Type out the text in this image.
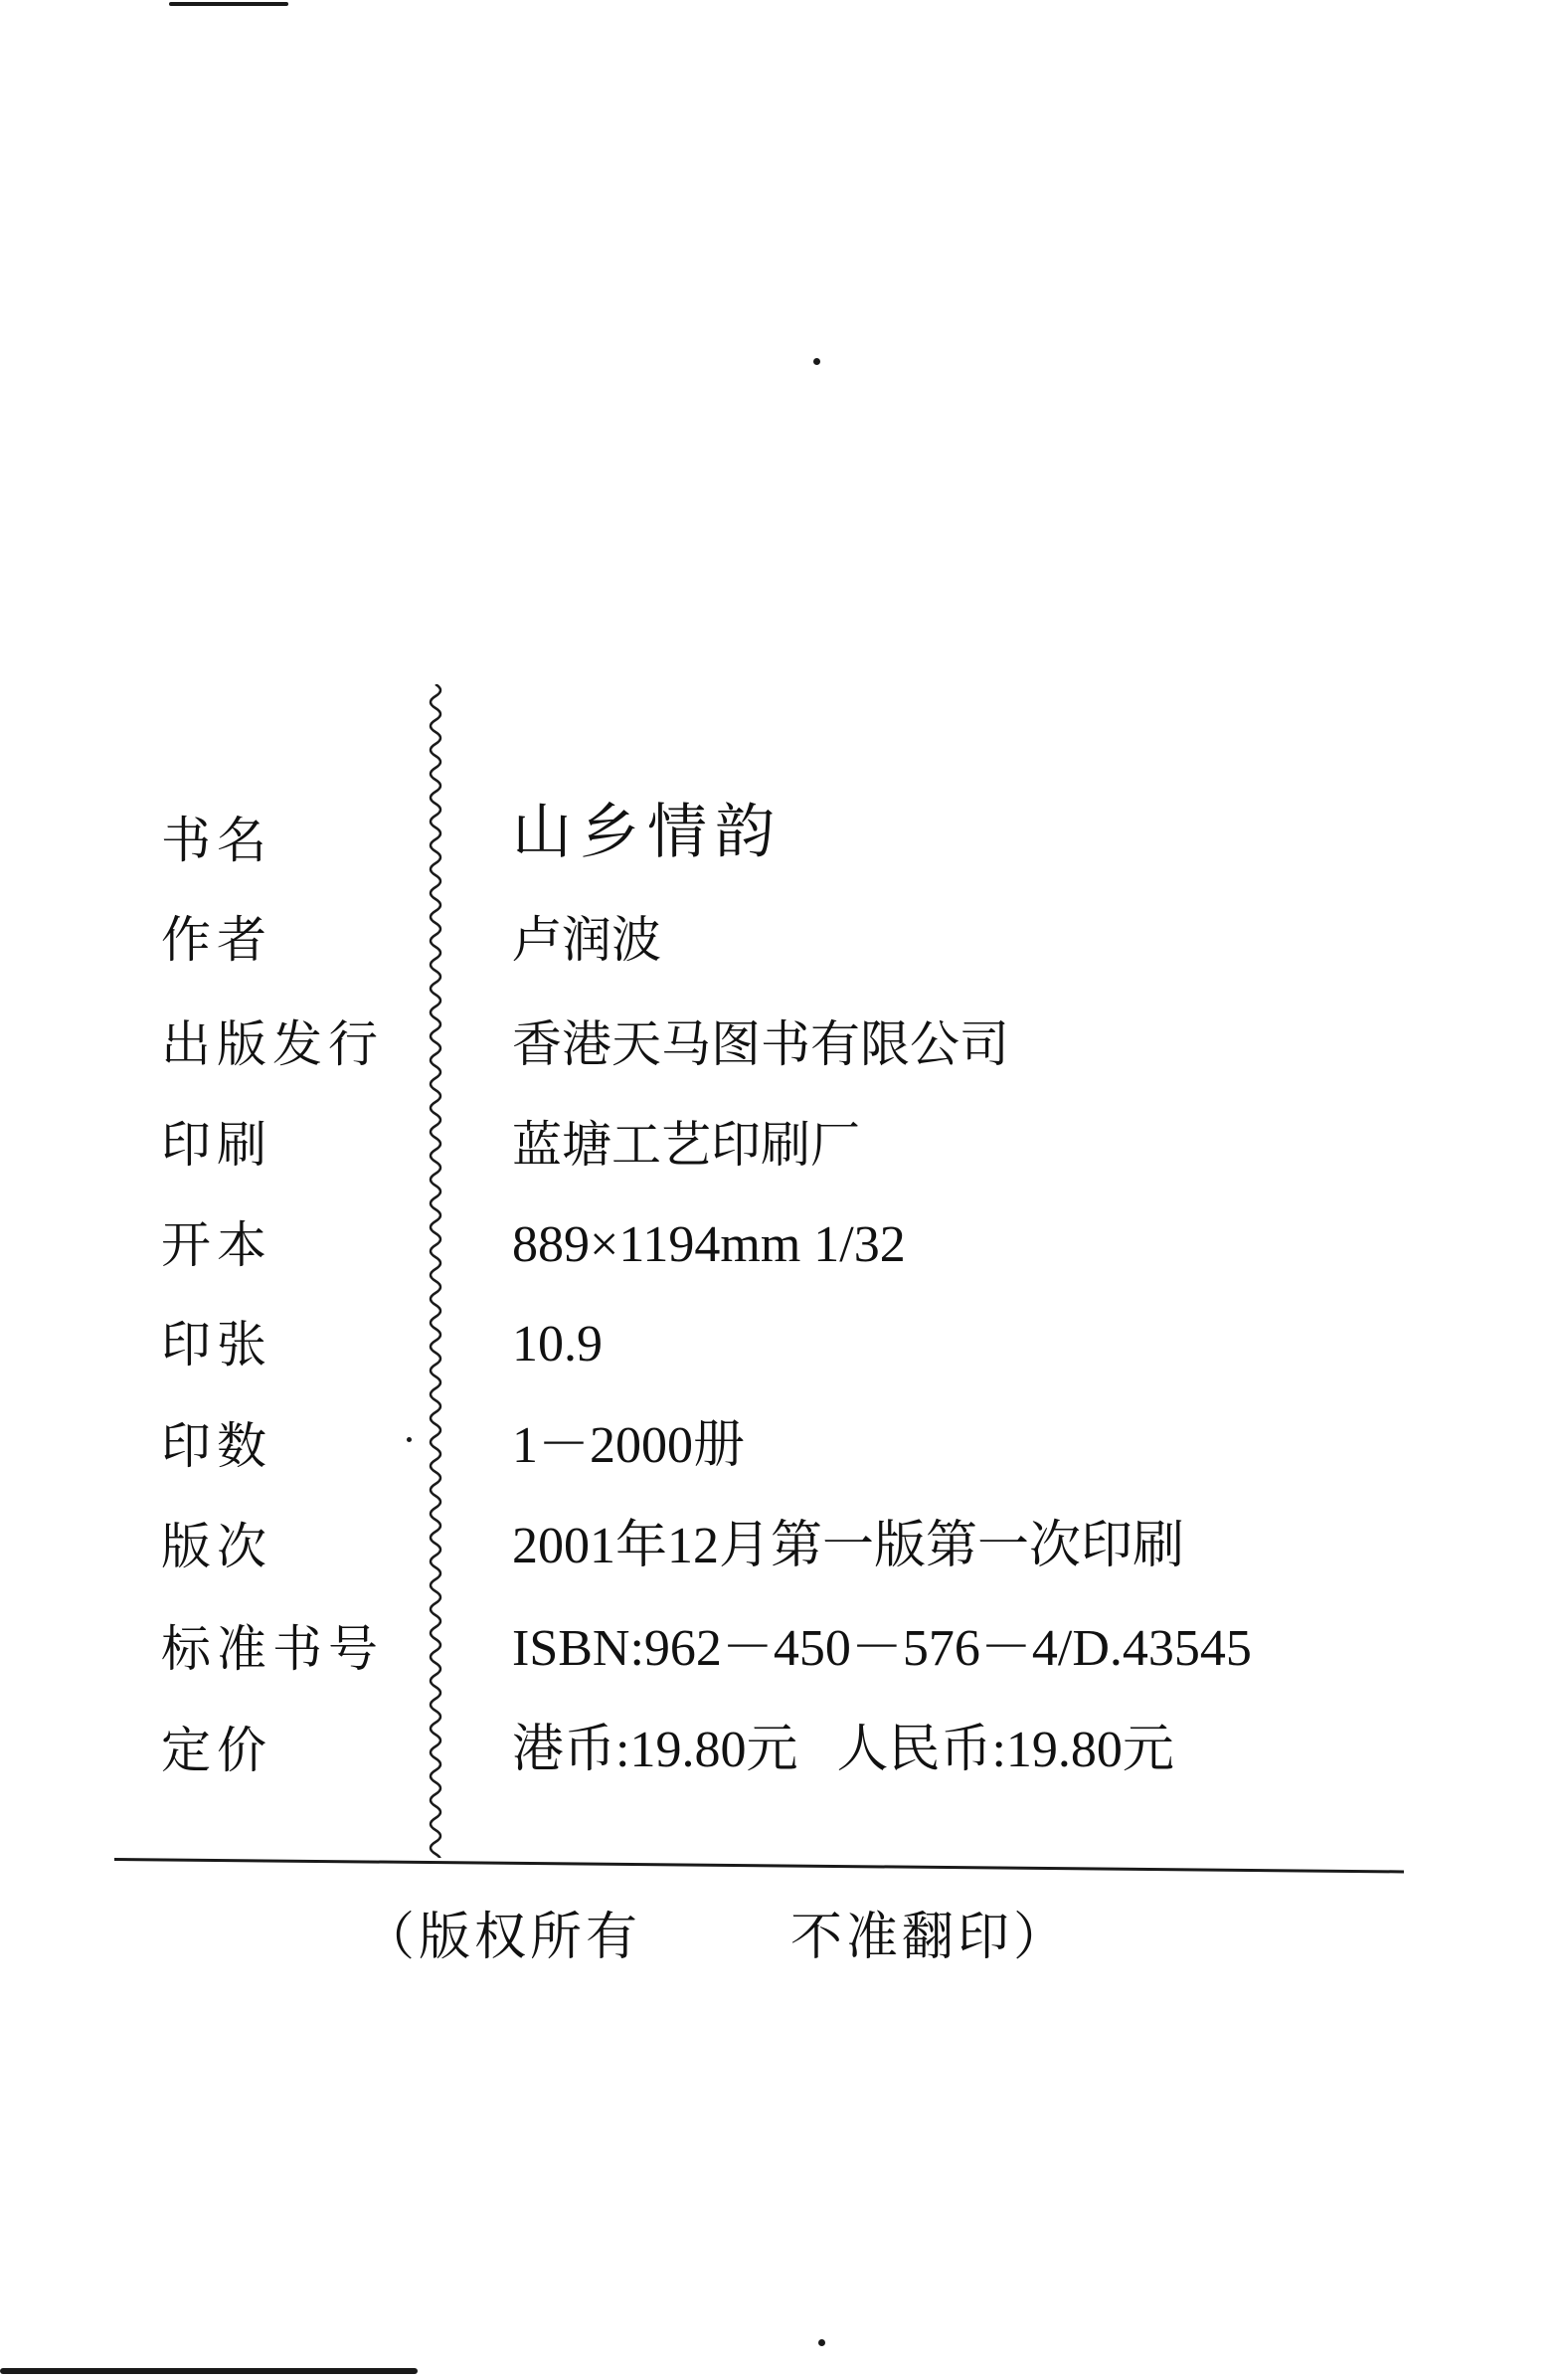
书名	山乡情韵
作者	卢润波
出版发行	香港天马图书有限公司
印刷	蓝塘工艺印刷厂
开本	889×1194mm 1/32
印张	10.9
印数	1－2000册
版次	2001年12月第一版第一次印刷
标准书号 ISBN:962－450－576－4/D.43545
定价	港币:19.80元   人民币:19.80元
（版权所有	不准翻印）
